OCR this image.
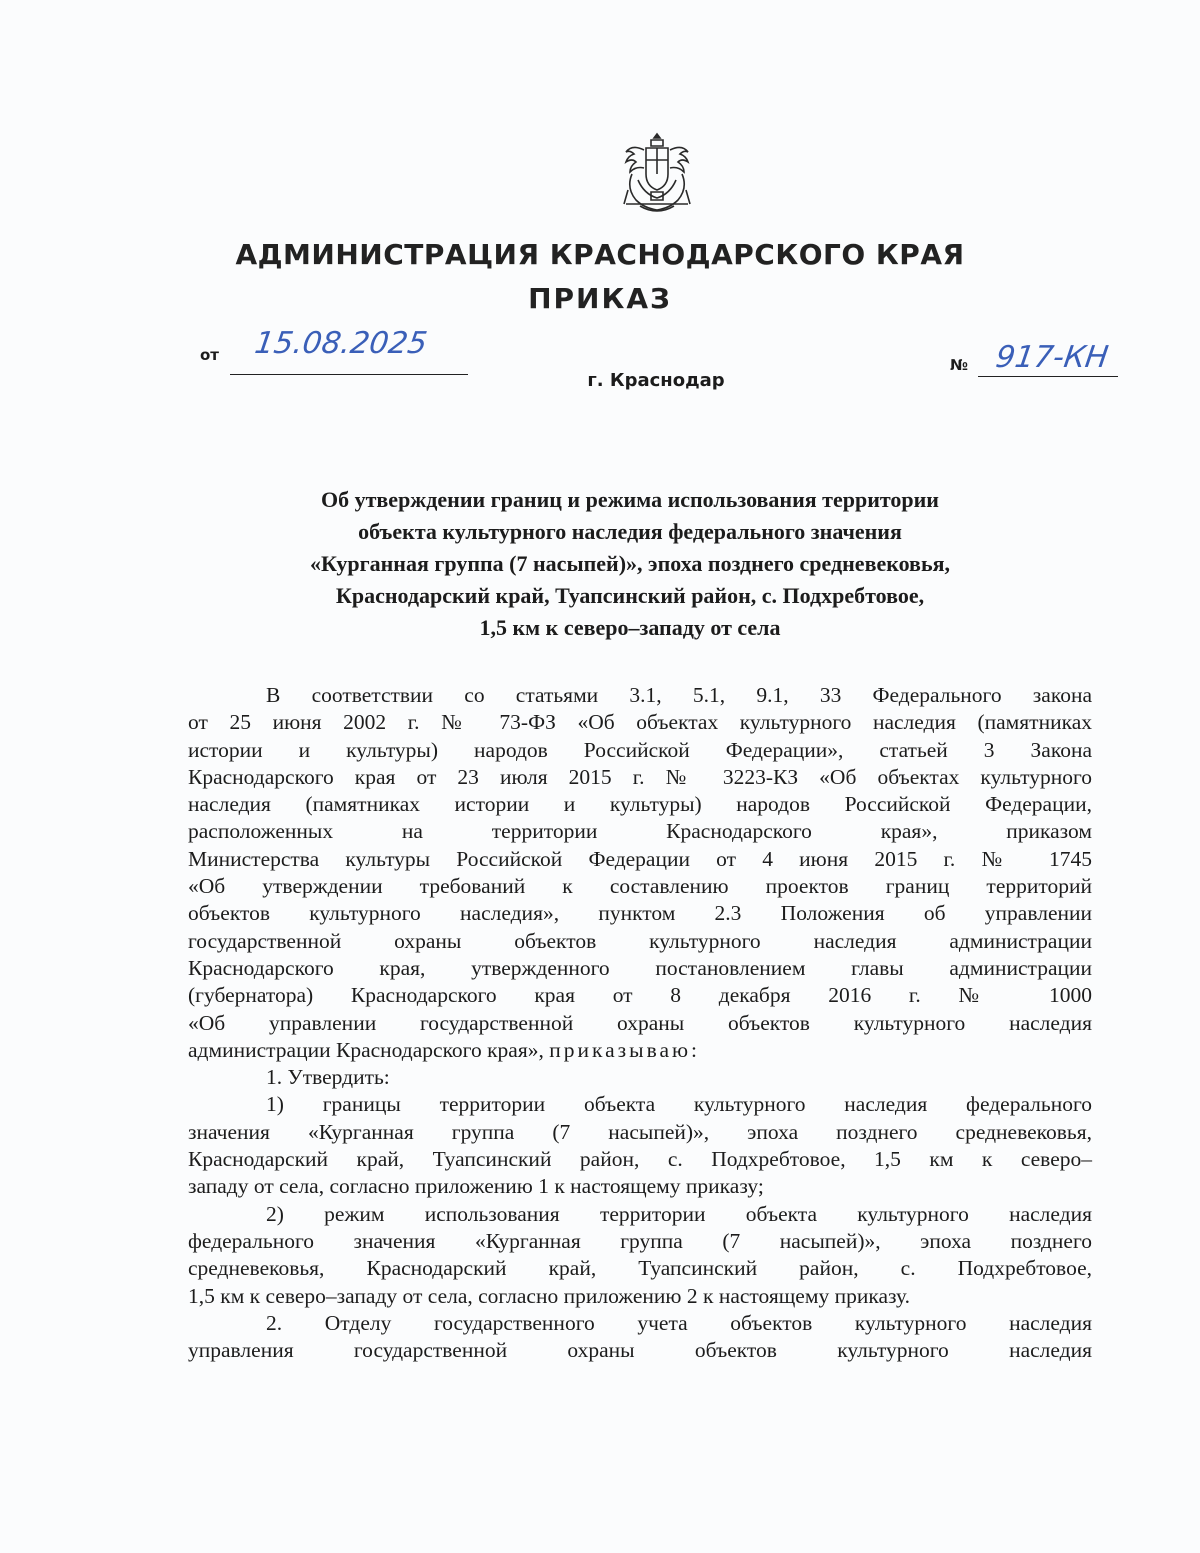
АДМИНИСТРАЦИЯ КРАСНОДАРСКОГО КРАЯ
ПРИКАЗ
от 15.08.2025
г. Краснодар
№ 917-КН
Об утверждении границ и режима использования территории
объекта культурного наследия федерального значения
«Курганная группа (7 насыпей)», эпоха позднего средневековья,
Краснодарский край, Туапсинский район, с. Подхребтовое,
1,5 км к северо–западу от села
В соответствии со статьями 3.1, 5.1, 9.1, 33 Федерального закона
от 25 июня 2002 г. № 73-ФЗ «Об объектах культурного наследия (памятниках
истории и культуры) народов Российской Федерации», статьей 3 Закона
Краснодарского края от 23 июля 2015 г. № 3223-КЗ «Об объектах культурного
наследия (памятниках истории и культуры) народов Российской Федерации,
расположенных на территории Краснодарского края», приказом
Министерства культуры Российской Федерации от 4 июня 2015 г. № 1745
«Об утверждении требований к составлению проектов границ территорий
объектов культурного наследия», пунктом 2.3 Положения об управлении
государственной охраны объектов культурного наследия администрации
Краснодарского края, утвержденного постановлением главы администрации
(губернатора) Краснодарского края от 8 декабря 2016 г. № 1000
«Об управлении государственной охраны объектов культурного наследия
администрации Краснодарского края», приказываю:
1. Утвердить:
1) границы территории объекта культурного наследия федерального
значения «Курганная группа (7 насыпей)», эпоха позднего средневековья,
Краснодарский край, Туапсинский район, с. Подхребтовое, 1,5 км к северо–
западу от села, согласно приложению 1 к настоящему приказу;
2) режим использования территории объекта культурного наследия
федерального значения «Курганная группа (7 насыпей)», эпоха позднего
средневековья, Краснодарский край, Туапсинский район, с. Подхребтовое,
1,5 км к северо–западу от села, согласно приложению 2 к настоящему приказу.
2. Отделу государственного учета объектов культурного наследия
управления государственной охраны объектов культурного наследия
